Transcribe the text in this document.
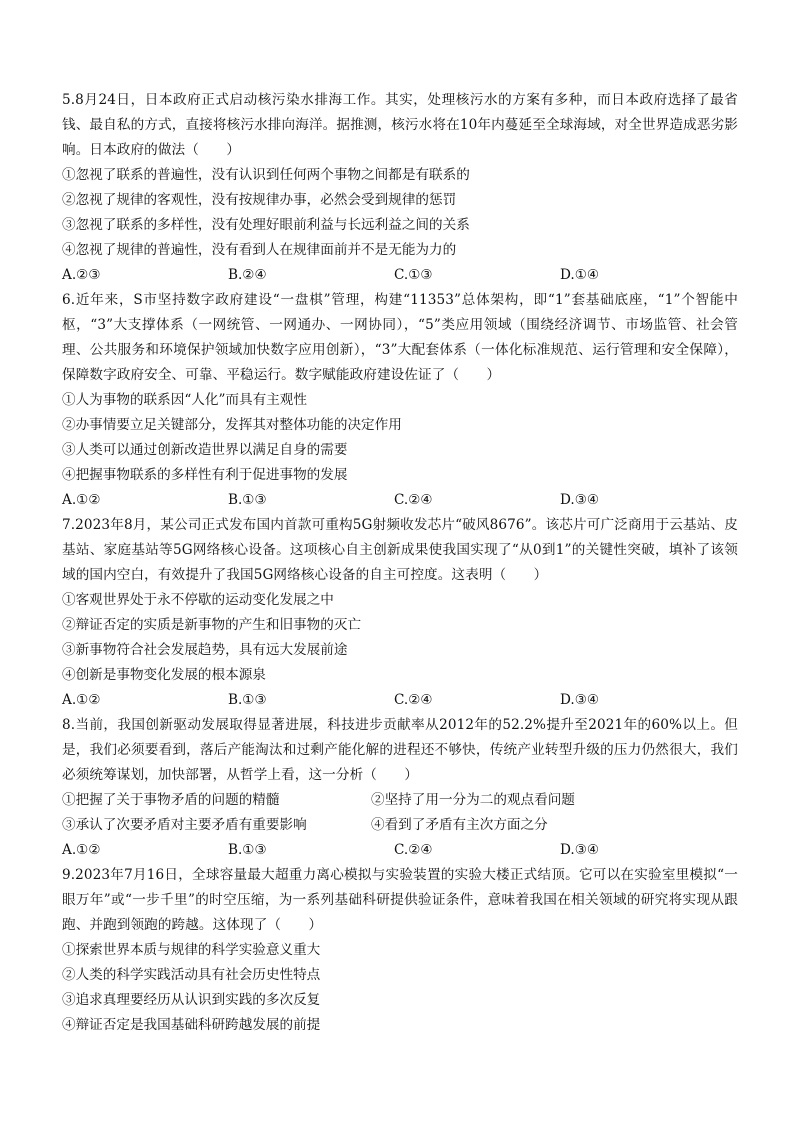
5.8月24日，日本政府正式启动核污染水排海工作。其实，处理核污水的方案有多种，而日本政府选择了最省钱、最自私的方式，直接将核污水排向海洋。据推测，核污水将在10年内蔓延至全球海域，对全世界造成恶劣影响。日本政府的做法（　　）
①忽视了联系的普遍性，没有认识到任何两个事物之间都是有联系的
②忽视了规律的客观性，没有按规律办事，必然会受到规律的惩罚
③忽视了联系的多样性，没有处理好眼前利益与长远利益之间的关系
④忽视了规律的普遍性，没有看到人在规律面前并不是无能为力的
A.②③	B.②④	C.①③	D.①④
6.近年来，S市坚持数字政府建设“一盘棋”管理，构建“11353”总体架构，即“1”套基础底座，“1”个智能中枢，“3”大支撑体系（一网统管、一网通办、一网协同），“5”类应用领域（围绕经济调节、市场监管、社会管理、公共服务和环境保护领域加快数字应用创新），“3”大配套体系（一体化标准规范、运行管理和安全保障），保障数字政府安全、可靠、平稳运行。数字赋能政府建设佐证了（　　）
①人为事物的联系因“人化”而具有主观性
②办事情要立足关键部分，发挥其对整体功能的决定作用
③人类可以通过创新改造世界以满足自身的需要
④把握事物联系的多样性有利于促进事物的发展
A.①②	B.①③	C.②④	D.③④
7.2023年8月，某公司正式发布国内首款可重构5G射频收发芯片“破风8676”。该芯片可广泛商用于云基站、皮基站、家庭基站等5G网络核心设备。这项核心自主创新成果使我国实现了“从0到1”的关键性突破，填补了该领域的国内空白，有效提升了我国5G网络核心设备的自主可控度。这表明（　　）
①客观世界处于永不停歇的运动变化发展之中
②辩证否定的实质是新事物的产生和旧事物的灭亡
③新事物符合社会发展趋势，具有远大发展前途
④创新是事物变化发展的根本源泉
A.①②	B.①③	C.②④	D.③④
8.当前，我国创新驱动发展取得显著进展，科技进步贡献率从2012年的52.2%提升至2021年的60%以上。但是，我们必须要看到，落后产能淘汰和过剩产能化解的进程还不够快，传统产业转型升级的压力仍然很大，我们必须统筹谋划，加快部署，从哲学上看，这一分析（　　）
①把握了关于事物矛盾的问题的精髓	②坚持了用一分为二的观点看问题
③承认了次要矛盾对主要矛盾有重要影响	④看到了矛盾有主次方面之分
A.①②	B.①③	C.②④	D.③④
9.2023年7月16日，全球容量最大超重力离心模拟与实验装置的实验大楼正式结顶。它可以在实验室里模拟“一眼万年”或“一步千里”的时空压缩，为一系列基础科研提供验证条件，意味着我国在相关领域的研究将实现从跟跑、并跑到领跑的跨越。这体现了（　　）
①探索世界本质与规律的科学实验意义重大
②人类的科学实践活动具有社会历史性特点
③追求真理要经历从认识到实践的多次反复
④辩证否定是我国基础科研跨越发展的前提
